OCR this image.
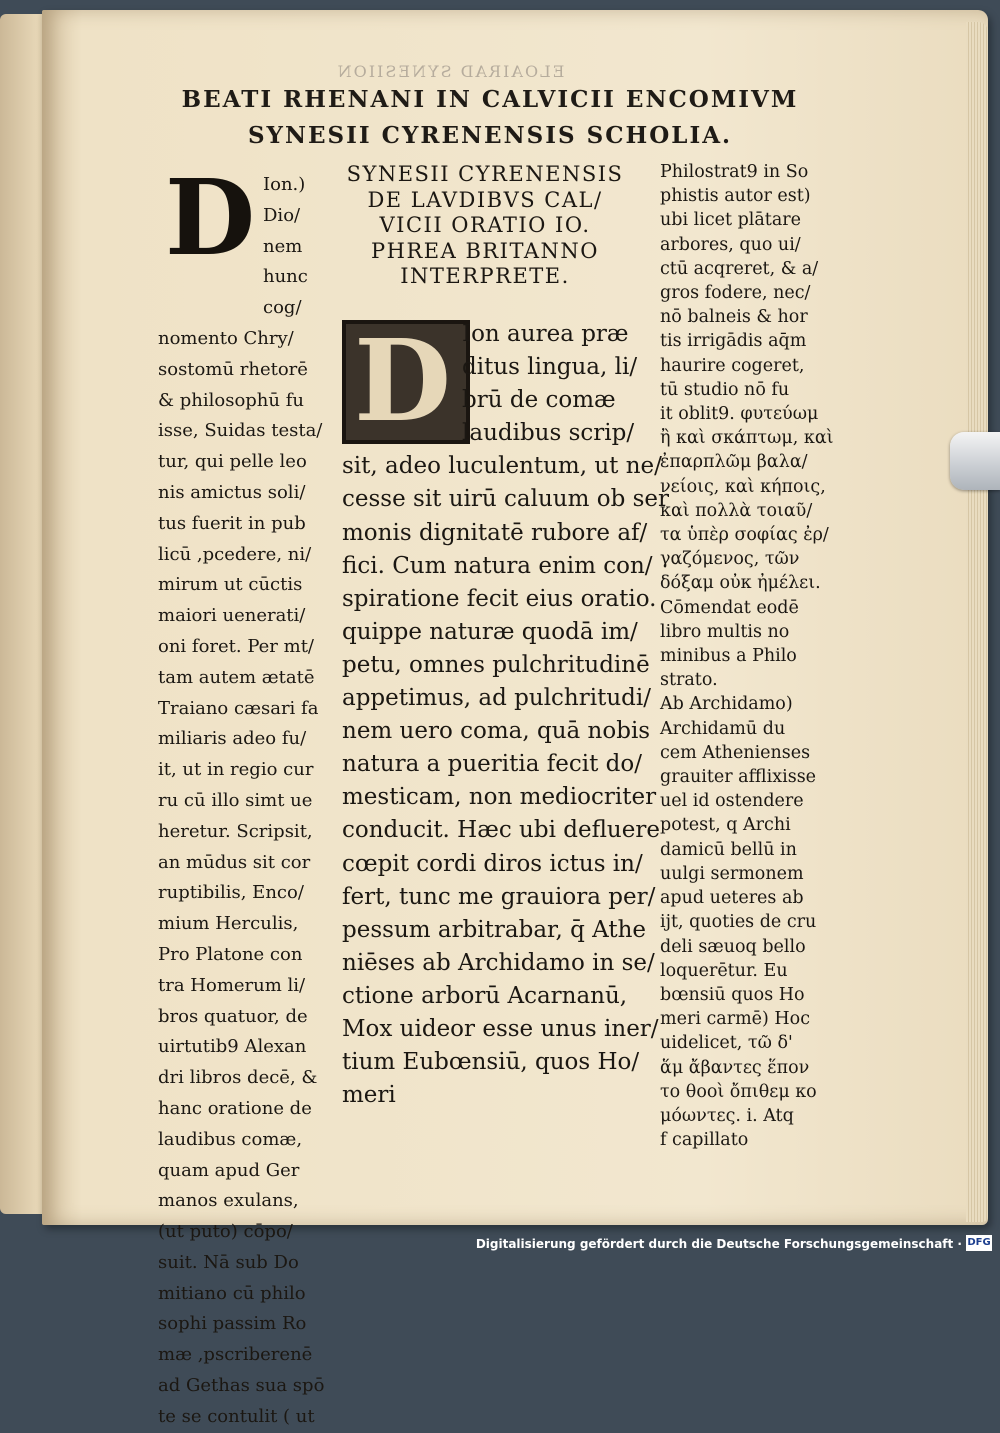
ELOAIRAD SYNESIION
BEATI RHENANI IN CALVICII ENCOMIVM
SYNESII CYRENENSIS SCHOLIA.
D Ion.)
Dio/
nem
hunc
cog/
nomento Chry/
sostomū rhetorē
& philosophū fu
isse, Suidas testa/
tur, qui pelle leo
nis amictus soli/
tus fuerit in pub
licū ,pcedere, ni/
mirum ut cūctis
maiori uenerati/
oni foret. Per mt/
tam autem ætatē
Traiano cæsari fa
miliaris adeo fu/
it, ut in regio cur
ru cū illo simt ue
heretur. Scripsit,
an mūdus sit cor
ruptibilis, Enco/
mium Herculis,
Pro Platone con
tra Homerum li/
bros quatuor, de
uirtutib9 Alexan
dri libros decē, &
hanc oratione de
laudibus comæ,
quam apud Ger
manos exulans,
(ut puto) cōpo/
suit. Nā sub Do
mitiano cū philo
sophi passim Ro
mæ ,pscriberenē
ad Gethas sua spō
te se contulit ( ut
SYNESII CYRENENSIS
DE LAVDIBVS CAL/
VICII ORATIO IO.
PHREA BRITANNO
INTERPRETE.
D Ion aurea præ
ditus lingua, li/
brū de comæ
laudibus scrip/
sit, adeo luculentum, ut ne/
cesse sit uirū caluum ob ser
monis dignitatē rubore af/
fici. Cum natura enim con/
spiratione fecit eius oratio.
quippe naturæ quodā im/
petu, omnes pulchritudinē
appetimus, ad pulchritudi/
nem uero coma, quā nobis
natura a pueritia fecit do/
mesticam, non mediocriter
conducit. Hæc ubi defluere
cœpit cordi diros ictus in/
fert, tunc me grauiora per/
pessum arbitrabar, q̄ Athe
niēses ab Archidamo in se/
ctione arborū Acarnanū,
Mox uideor esse unus iner/
tium Eubœnsiū, quos Ho/
meri
Philostrat9 in So
phistis autor est)
ubi licet plātare
arbores, quo ui/
ctū acqreret, & a/
gros fodere, nec/
nō balneis & hor
tis irrigādis aq̄m
haurire cogeret,
tū studio nō fu
it oblit9. φυτεύωμ
ἢ καὶ σκάπτωμ, καὶ
ἐπαρπλῶμ βαλα/
νείοις, καὶ κήποις,
καὶ πολλὰ τοιαῦ/
τα ὑπὲρ σοφίας ἐρ/
γαζόμενος, τῶν
δόξαμ οὐκ ἠμέλει.
Cōmendat eodē
libro multis no
minibus a Philo
strato.
Ab Archidamo)
Archidamū du
cem Athenienses
grauiter afflixisse
uel id ostendere
potest, q Archi
damicū bellū in
uulgi sermonem
apud ueteres ab
ijt, quoties de cru
deli sæuoq bello
loquerētur. Eu
bœnsiū quos Ho
meri carmē) Hoc
uidelicet, τῶ δ'
ἅμ ἄβαντες ἕπον
το θοοὶ ὄπιθεμ κο
μόωντες. i. Atq
f capillato
Digitalisierung gefördert durch die Deutsche Forschungsgemeinschaft · DFG
